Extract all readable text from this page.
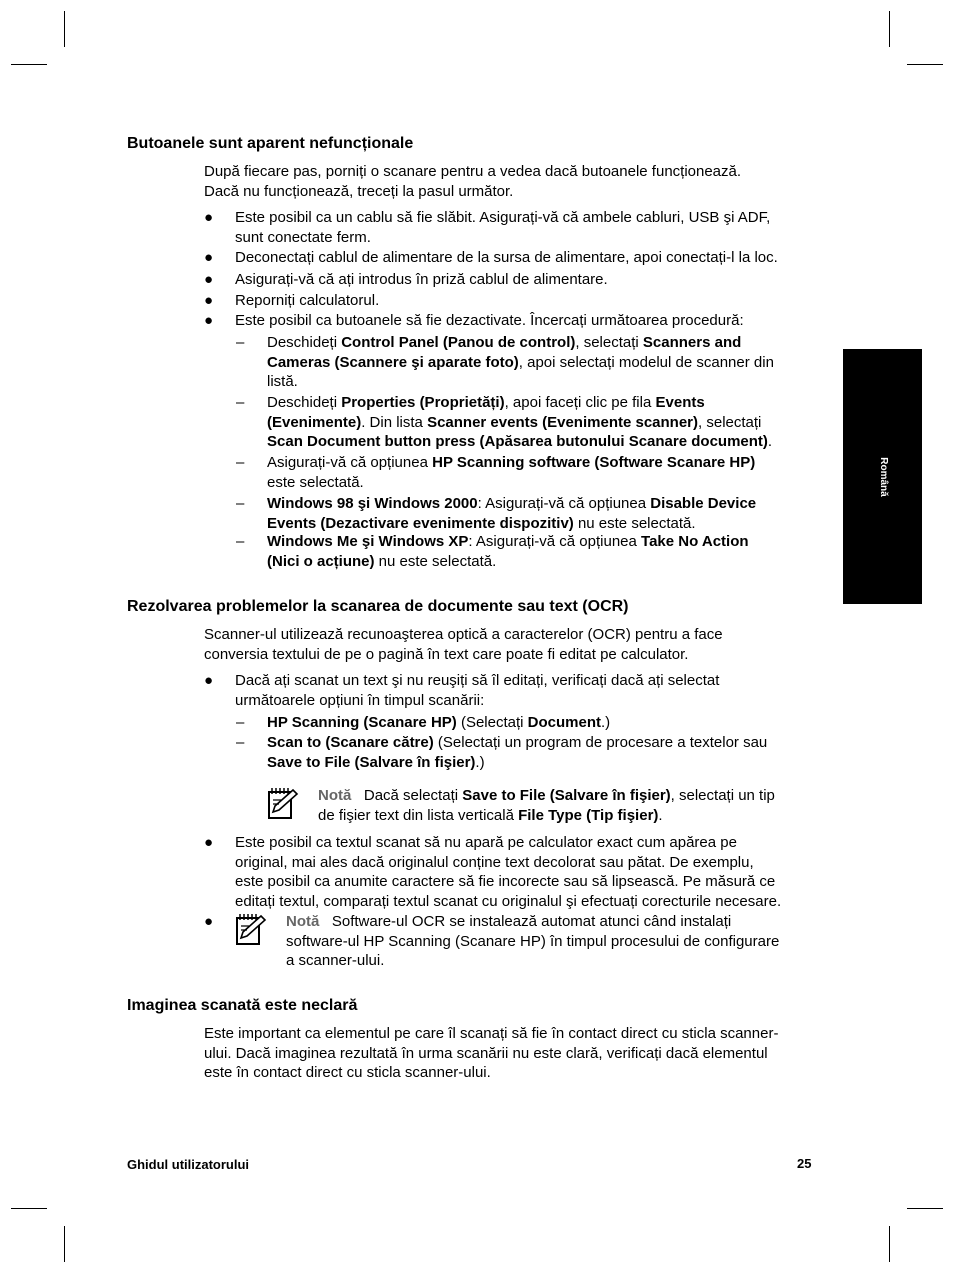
Română
Butoanele sunt aparent nefuncționale
După fiecare pas, porniți o scanare pentru a vedea dacă butoanele funcționează.
Dacă nu funcționează, treceți la pasul următor.
●	Este posibil ca un cablu să fie slăbit. Asigurați-vă că ambele cabluri, USB şi ADF,
sunt conectate ferm.
●	Deconectați cablul de alimentare de la sursa de alimentare, apoi conectați-l la loc.
●	Asigurați-vă că ați introdus în priză cablul de alimentare.
●	Reporniți calculatorul.
●	Este posibil ca butoanele să fie dezactivate. Încercați următoarea procedură:
– Deschideți Control Panel (Panou de control), selectați Scanners and
Cameras (Scannere şi aparate foto), apoi selectați modelul de scanner din
listă.
– Deschideți Properties (Proprietăți), apoi faceți clic pe fila Events
(Evenimente). Din lista Scanner events (Evenimente scanner), selectați
Scan Document button press (Apăsarea butonului Scanare document).
– Asigurați-vă că opțiunea HP Scanning software (Software Scanare HP)
este selectată.
– Windows 98 şi Windows 2000: Asigurați-vă că opțiunea Disable Device
Events (Dezactivare evenimente dispozitiv) nu este selectată.
– Windows Me şi Windows XP: Asigurați-vă că opțiunea Take No Action
(Nici o acțiune) nu este selectată.
Rezolvarea problemelor la scanarea de documente sau text (OCR)
Scanner-ul utilizează recunoaşterea optică a caracterelor (OCR) pentru a face
conversia textului de pe o pagină în text care poate fi editat pe calculator.
●	Dacă ați scanat un text şi nu reuşiți să îl editați, verificați dacă ați selectat
următoarele opțiuni în timpul scanării:
– HP Scanning (Scanare HP) (Selectați Document.)
– Scan to (Scanare către) (Selectați un program de procesare a textelor sau
Save to File (Salvare în fişier).)
Notă Dacă selectați Save to File (Salvare în fişier), selectați un tip
de fişier text din lista verticală File Type (Tip fişier).
●	Este posibil ca textul scanat să nu apară pe calculator exact cum apărea pe
original, mai ales dacă originalul conține text decolorat sau pătat. De exemplu,
este posibil ca anumite caractere să fie incorecte sau să lipsească. Pe măsură ce
editați textul, comparați textul scanat cu originalul şi efectuați corecturile necesare.
●	Notă Software-ul OCR se instalează automat atunci când instalați
software-ul HP Scanning (Scanare HP) în timpul procesului de configurare
a scanner-ului.
Imaginea scanată este neclară
Este important ca elementul pe care îl scanați să fie în contact direct cu sticla scanner-
ului. Dacă imaginea rezultată în urma scanării nu este clară, verificați dacă elementul
este în contact direct cu sticla scanner-ului.
Ghidul utilizatorului	25
